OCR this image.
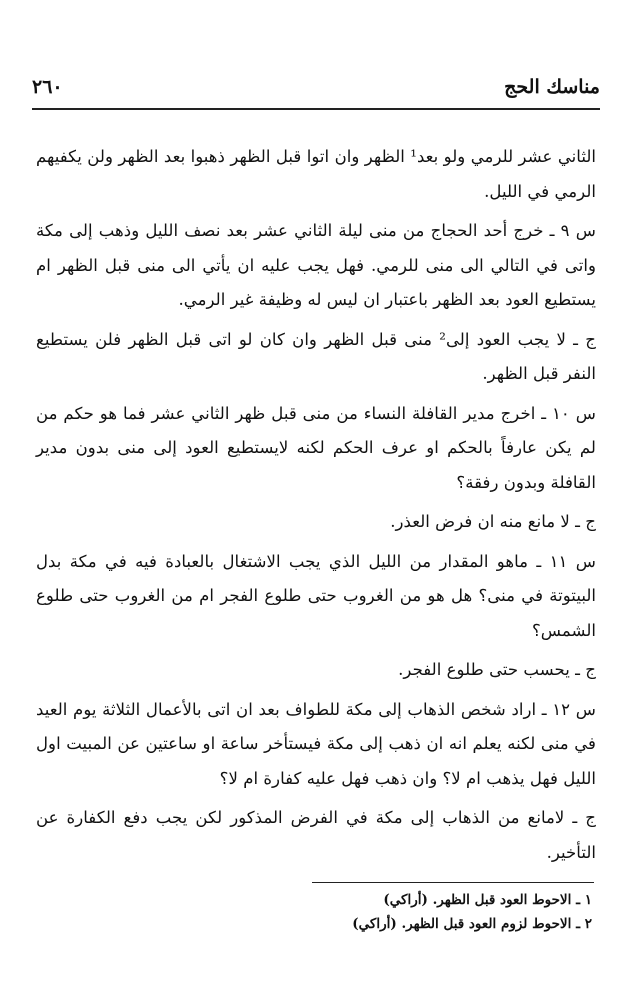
مناسك الحج
٢٦٠

الثاني عشر للرمي ولو بعد¹ الظهر وان اتوا قبل الظهر ذهبوا بعد الظهر ولن يكفيهم الرمي في الليل.

س ٩ ـ خرج أحد الحجاج من منى ليلة الثاني عشر بعد نصف الليل وذهب إلى مكة واتى في التالي الى منى للرمي. فهل يجب عليه ان يأتي الى منى قبل الظهر ام يستطيع العود بعد الظهر باعتبار ان ليس له وظيفة غير الرمي.

ج ـ لا يجب العود إلى² منى قبل الظهر وان كان لو اتى قبل الظهر فلن يستطيع النفر قبل الظهر.

س ١٠ ـ اخرج مدير القافلة النساء من منى قبل ظهر الثاني عشر فما هو حكم من لم يكن عارفاً بالحكم او عرف الحكم لكنه لايستطيع العود إلى منى بدون مدير القافلة وبدون رفقة؟

ج ـ لا مانع منه ان فرض العذر.

س ١١ ـ ماهو المقدار من الليل الذي يجب الاشتغال بالعبادة فيه في مكة بدل البيتوتة في منى؟ هل هو من الغروب حتى طلوع الفجر ام من الغروب حتى طلوع الشمس؟

ج ـ يحسب حتى طلوع الفجر.

س ١٢ ـ اراد شخص الذهاب إلى مكة للطواف بعد ان اتى بالأعمال الثلاثة يوم العيد في منى لكنه يعلم انه ان ذهب إلى مكة فيستأخر ساعة او ساعتين عن المبيت اول الليل فهل يذهب ام لا؟ وان ذهب فهل عليه كفارة ام لا؟

ج ـ لامانع من الذهاب إلى مكة في الفرض المذكور لكن يجب دفع الكفارة عن التأخير.

١ ـ الاحوط العود قبل الظهر. (أراكي)
٢ ـ الاحوط لزوم العود قبل الظهر. (أراكي)
